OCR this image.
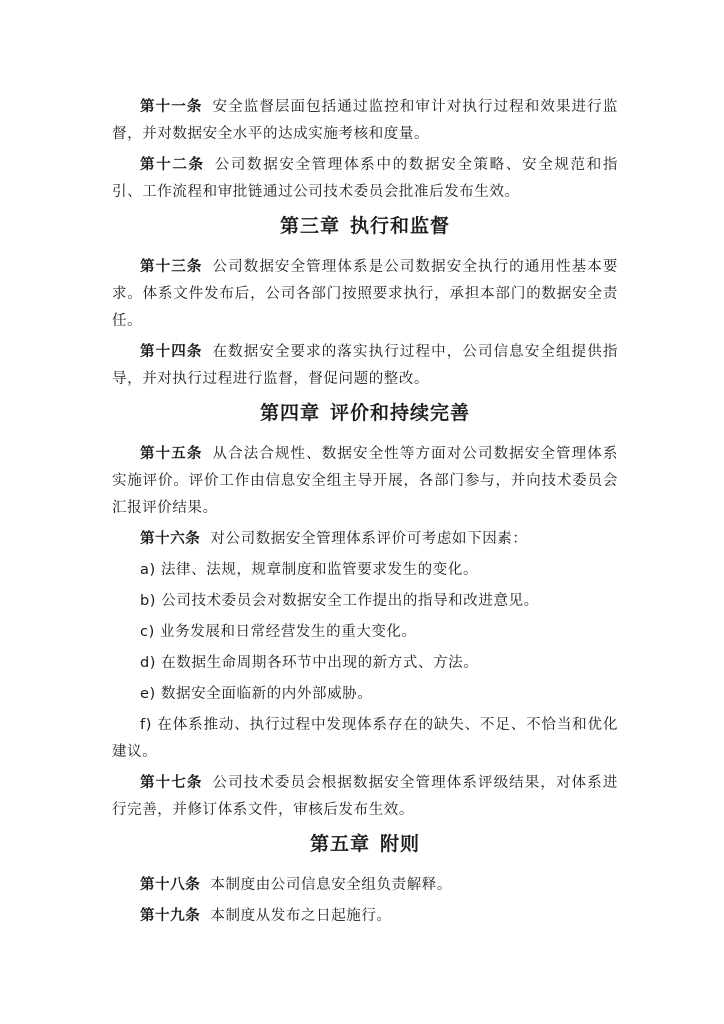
第十一条 安全监督层面包括通过监控和审计对执行过程和效果进行监督，并对数据安全水平的达成实施考核和度量。

第十二条 公司数据安全管理体系中的数据安全策略、安全规范和指引、工作流程和审批链通过公司技术委员会批准后发布生效。

第三章 执行和监督

第十三条 公司数据安全管理体系是公司数据安全执行的通用性基本要求。体系文件发布后，公司各部门按照要求执行，承担本部门的数据安全责任。

第十四条 在数据安全要求的落实执行过程中，公司信息安全组提供指导，并对执行过程进行监督，督促问题的整改。

第四章 评价和持续完善

第十五条 从合法合规性、数据安全性等方面对公司数据安全管理体系实施评价。评价工作由信息安全组主导开展，各部门参与，并向技术委员会汇报评价结果。

第十六条 对公司数据安全管理体系评价可考虑如下因素：

a) 法律、法规，规章制度和监管要求发生的变化。

b) 公司技术委员会对数据安全工作提出的指导和改进意见。

c) 业务发展和日常经营发生的重大变化。

d) 在数据生命周期各环节中出现的新方式、方法。

e) 数据安全面临新的内外部威胁。

f) 在体系推动、执行过程中发现体系存在的缺失、不足、不恰当和优化建议。

第十七条 公司技术委员会根据数据安全管理体系评级结果，对体系进行完善，并修订体系文件，审核后发布生效。

第五章 附则

第十八条 本制度由公司信息安全组负责解释。

第十九条 本制度从发布之日起施行。
